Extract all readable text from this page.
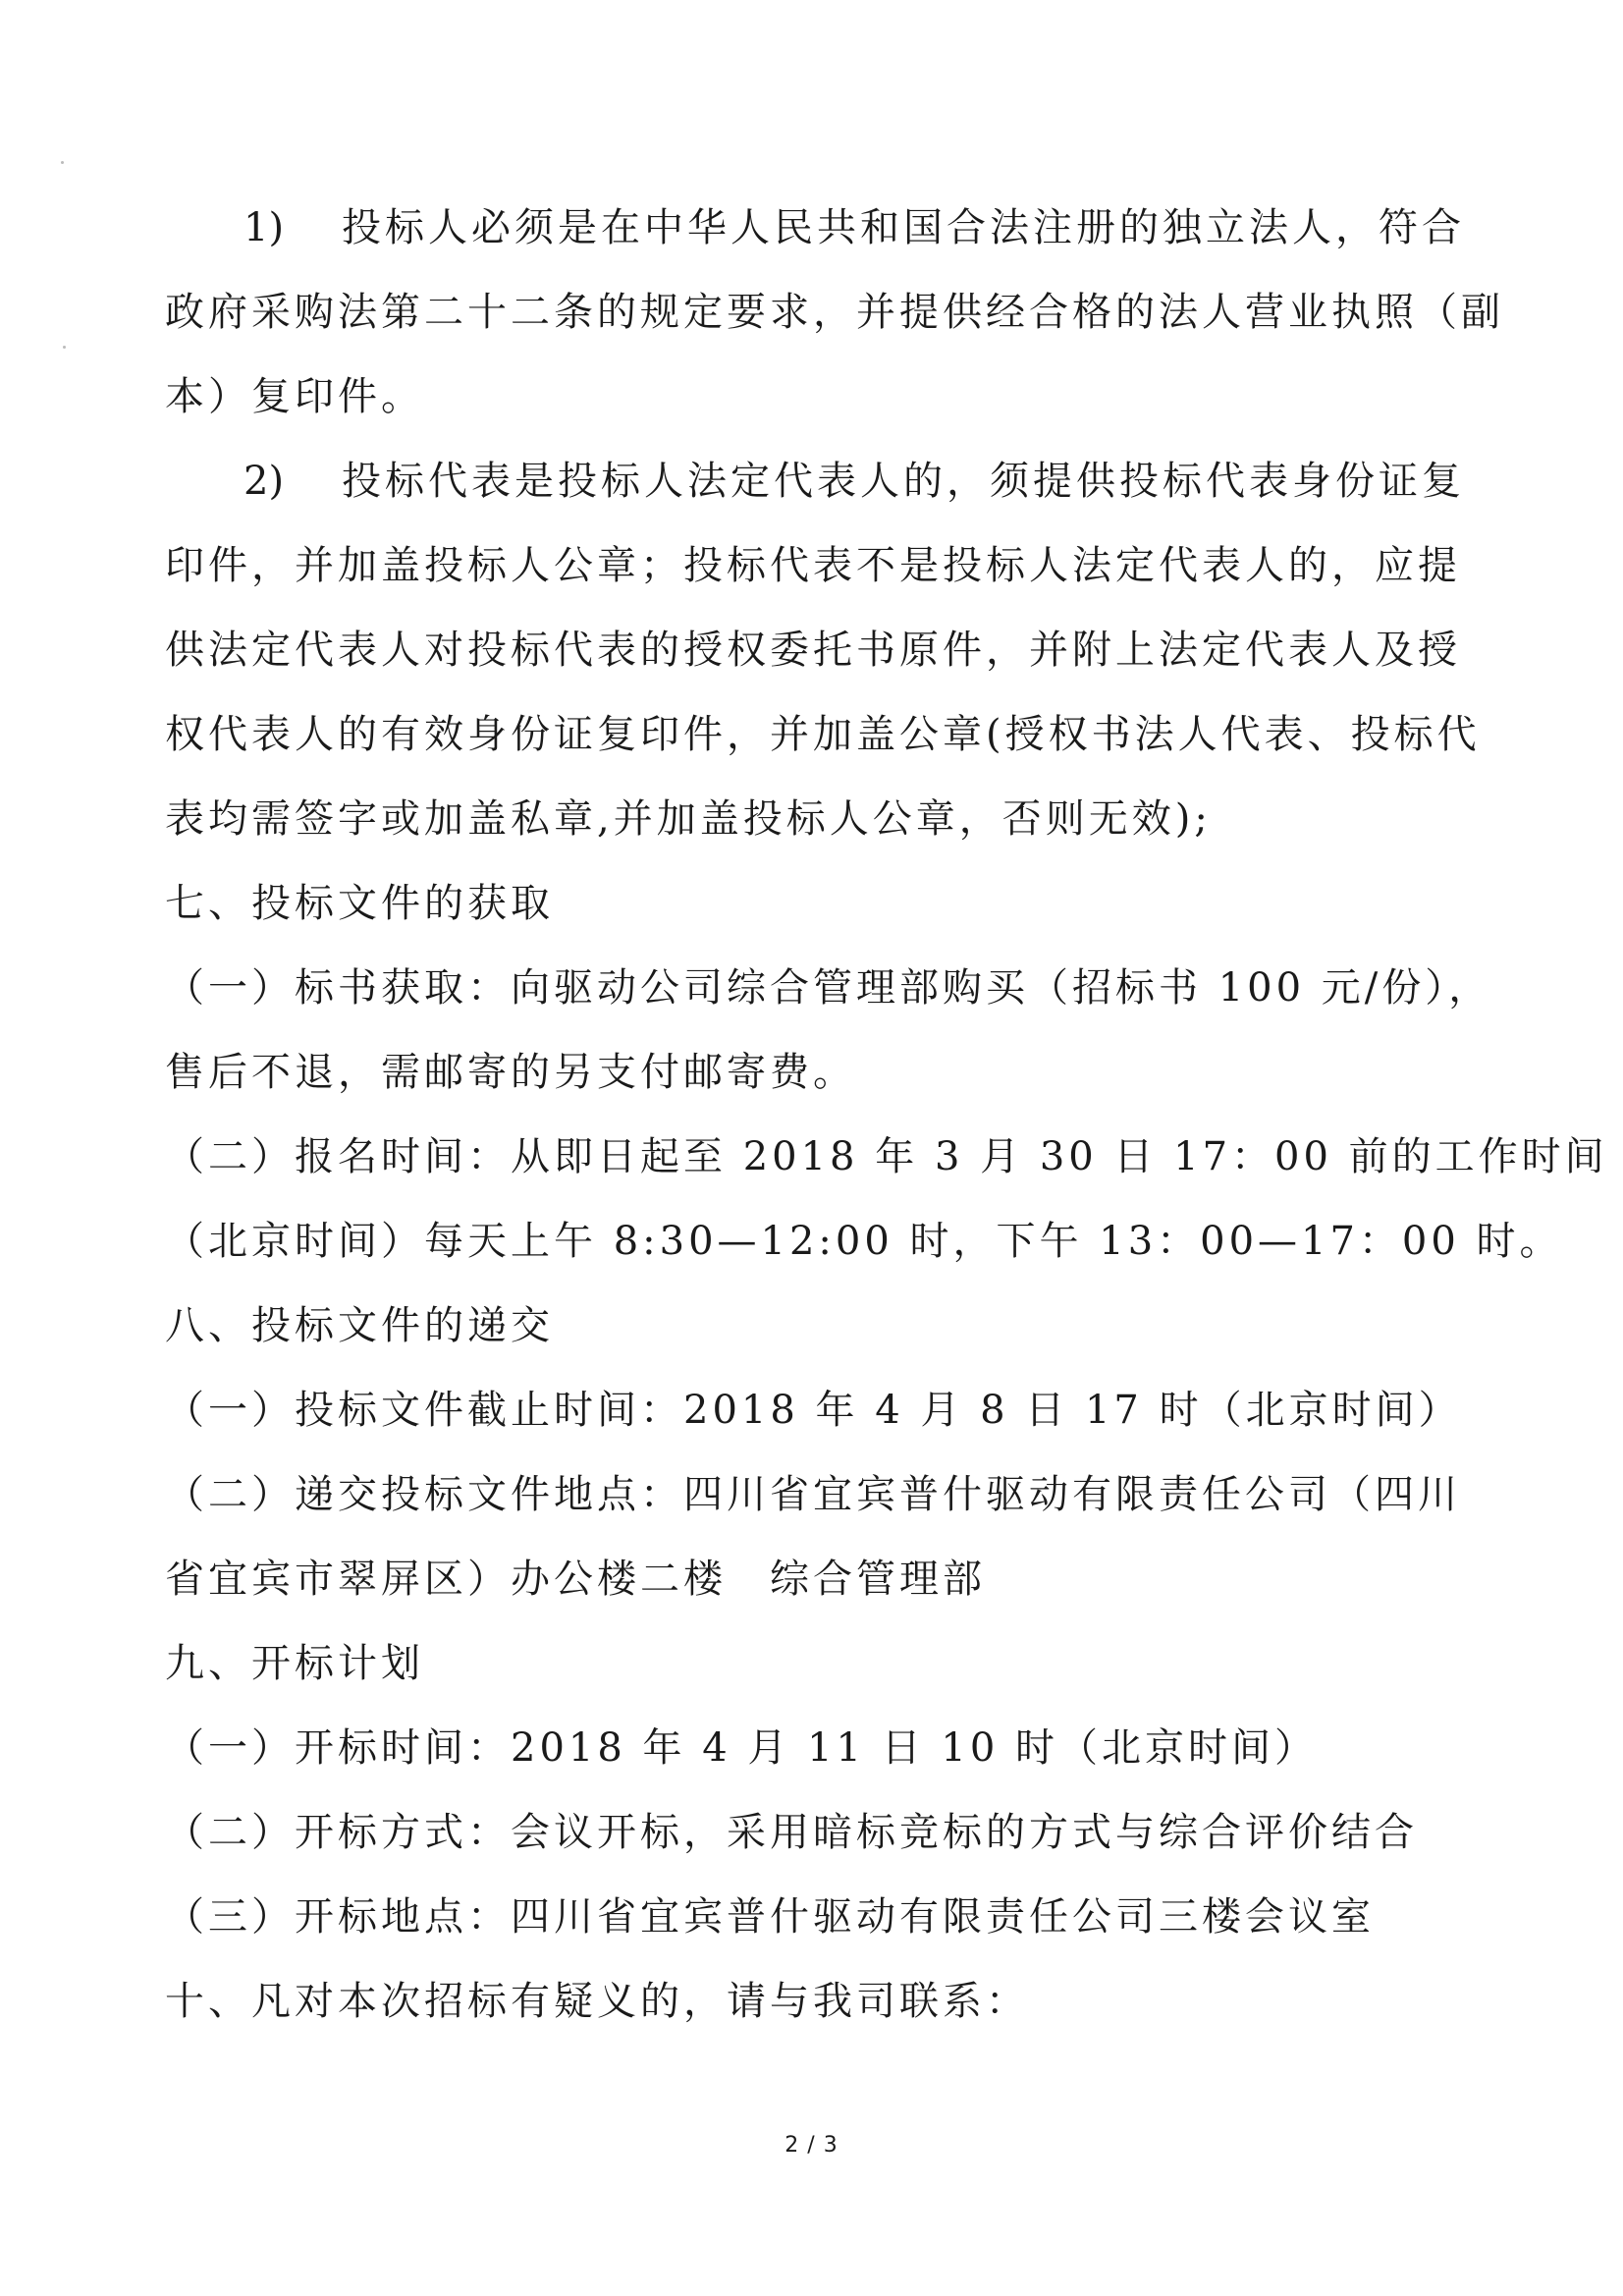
1) 投标人必须是在中华人民共和国合法注册的独立法人，符合

政府采购法第二十二条的规定要求，并提供经合格的法人营业执照（副

本）复印件。

2) 投标代表是投标人法定代表人的，须提供投标代表身份证复

印件，并加盖投标人公章；投标代表不是投标人法定代表人的，应提

供法定代表人对投标代表的授权委托书原件，并附上法定代表人及授

权代表人的有效身份证复印件，并加盖公章(授权书法人代表、投标代

表均需签字或加盖私章,并加盖投标人公章，否则无效);

七、投标文件的获取

（一）标书获取：向驱动公司综合管理部购买（招标书 100 元/份），

售后不退，需邮寄的另支付邮寄费。

（二）报名时间：从即日起至 2018 年 3 月 30 日 17：00 前的工作时间

（北京时间）每天上午 8:30—12:00 时，下午 13：00—17：00 时。

八、投标文件的递交

（一）投标文件截止时间：2018 年 4 月 8 日 17 时（北京时间）

（二）递交投标文件地点：四川省宜宾普什驱动有限责任公司（四川

省宜宾市翠屏区）办公楼二楼　综合管理部

九、开标计划

（一）开标时间：2018 年 4 月 11 日 10 时（北京时间）

（二）开标方式：会议开标，采用暗标竞标的方式与综合评价结合

（三）开标地点：四川省宜宾普什驱动有限责任公司三楼会议室

十、凡对本次招标有疑义的，请与我司联系：

2 / 3
